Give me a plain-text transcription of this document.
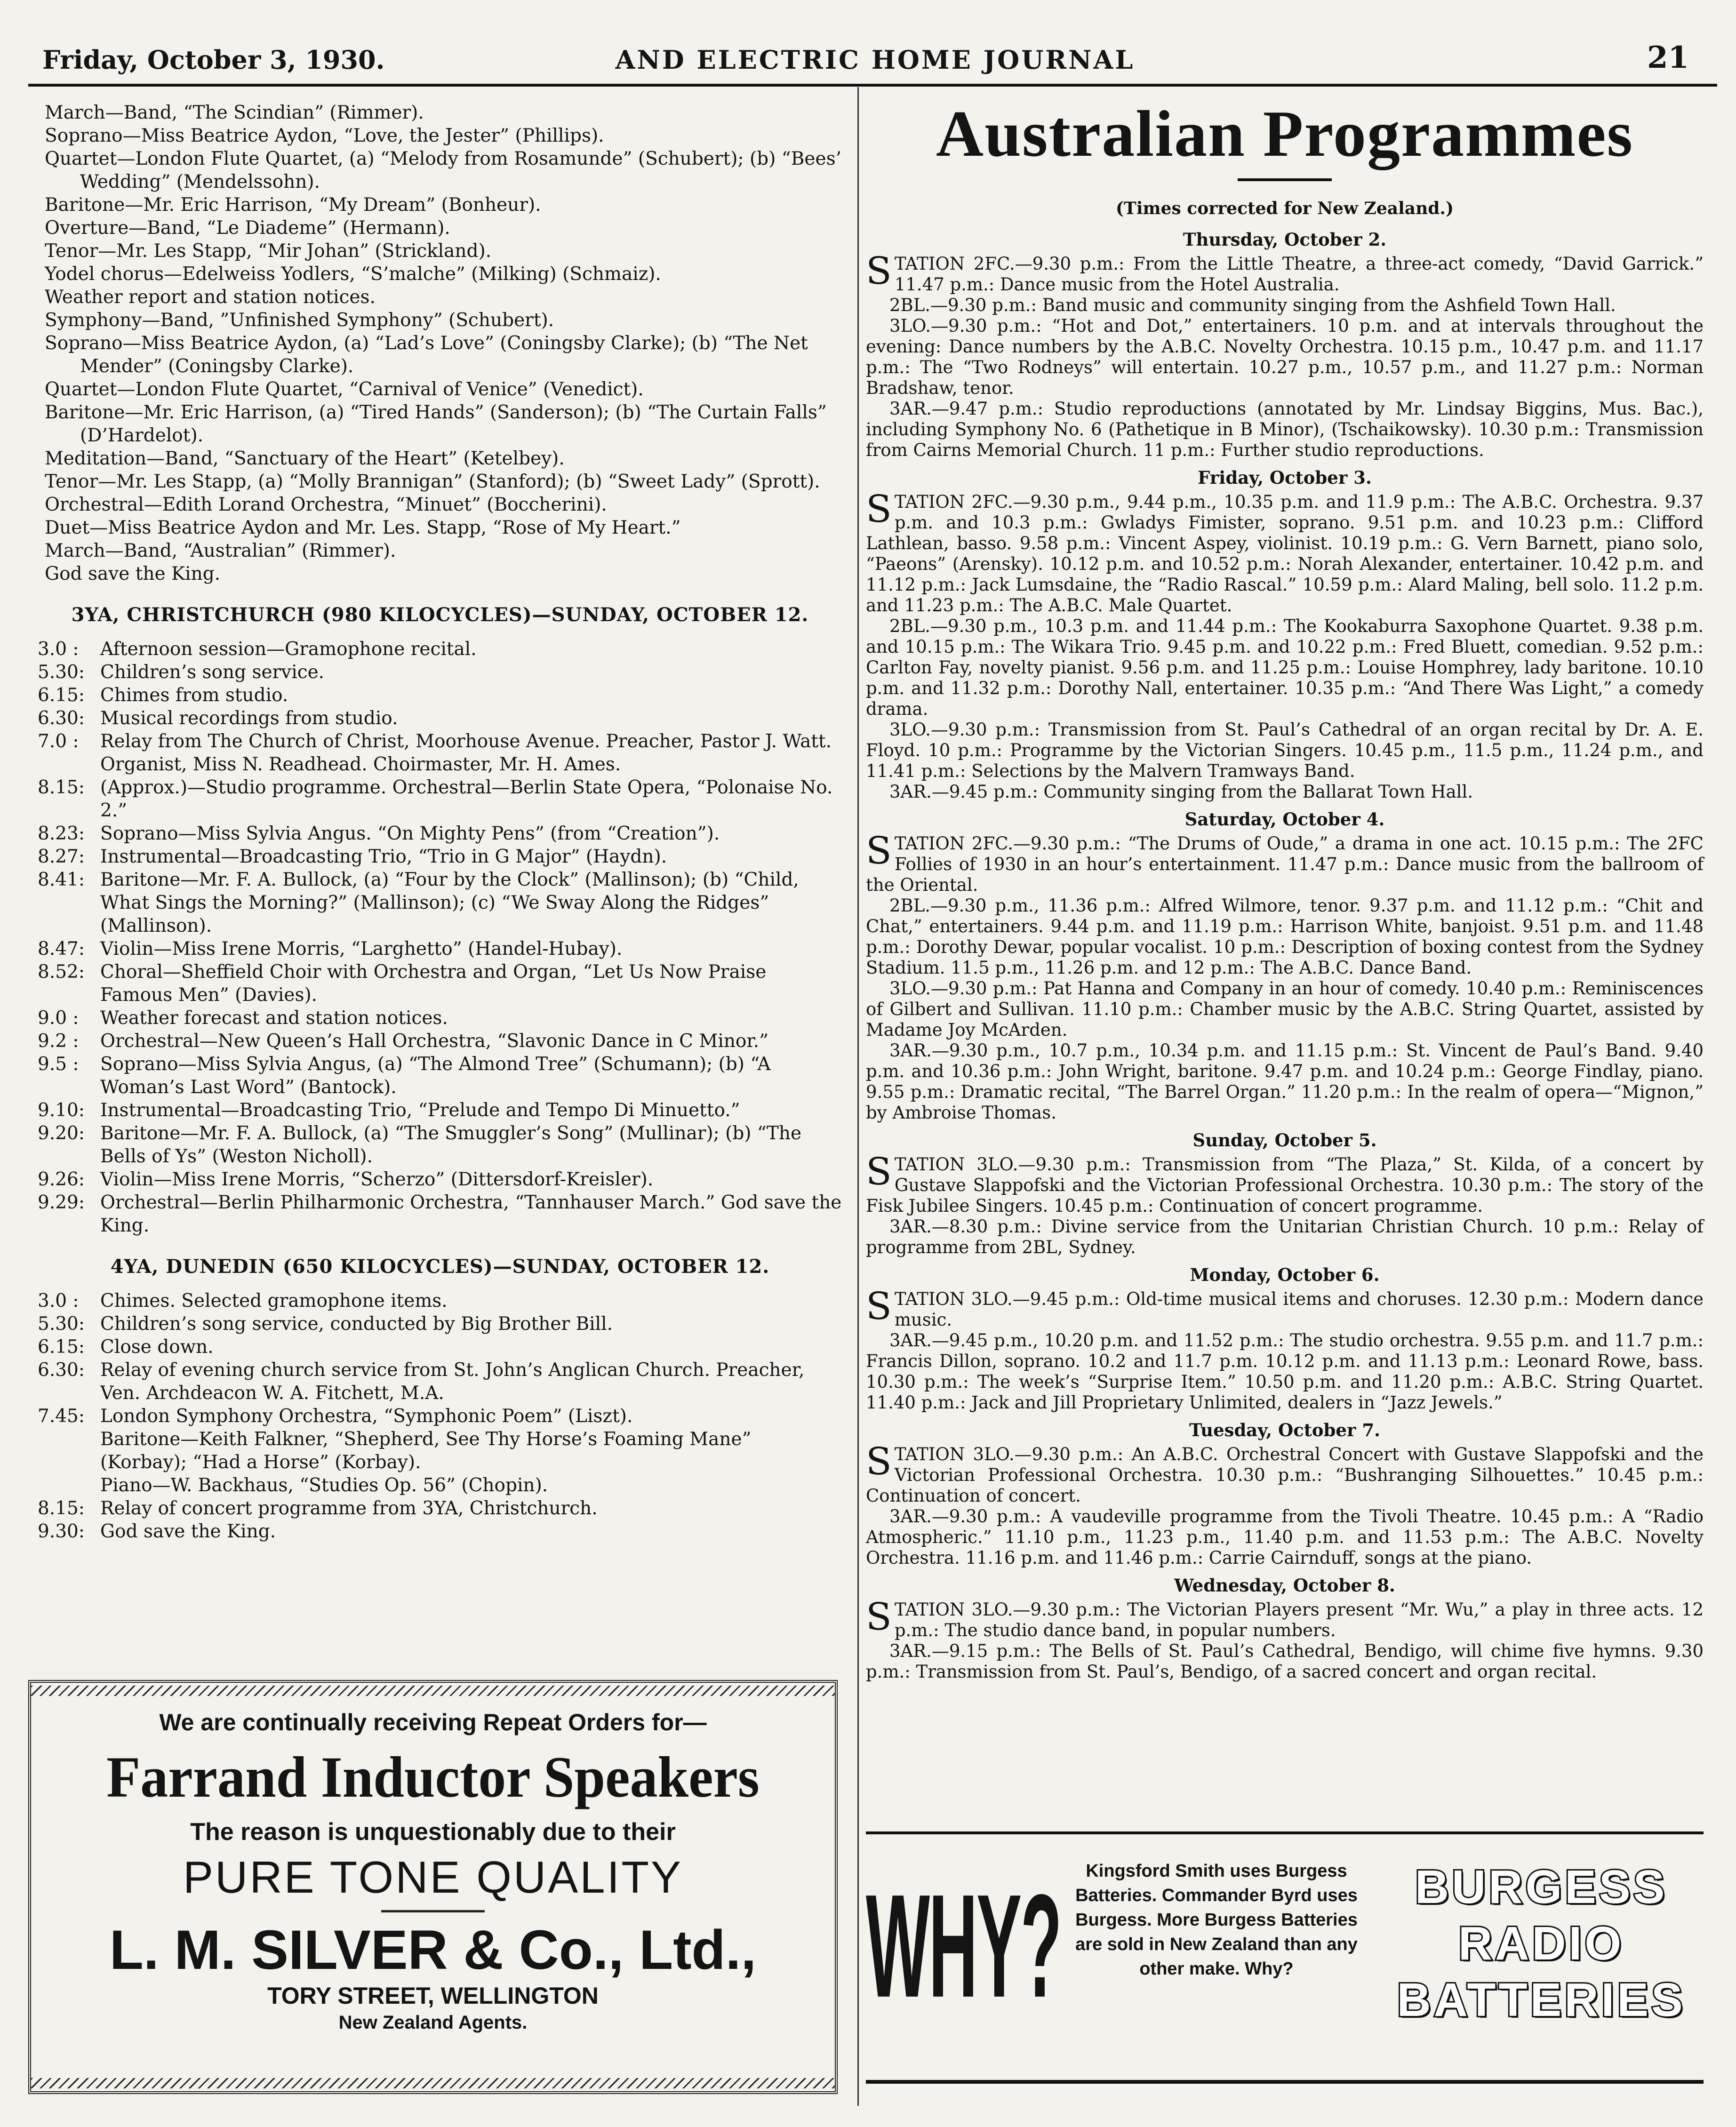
Friday, October 3, 1930.	AND ELECTRIC HOME JOURNAL	21
March—Band, “The Scindian” (Rimmer).
Soprano—Miss Beatrice Aydon, “Love, the Jester” (Phillips).
Quartet—London Flute Quartet, (a) “Melody from Rosamunde” (Schubert); (b) “Bees’ Wedding” (Mendelssohn).
Baritone—Mr. Eric Harrison, “My Dream” (Bonheur).
Overture—Band, “Le Diademe” (Hermann).
Tenor—Mr. Les Stapp, “Mir Johan” (Strickland).
Yodel chorus—Edelweiss Yodlers, “S’malche” (Milking) (Schmaiz).
Weather report and station notices.
Symphony—Band, ”Unfinished Symphony” (Schubert).
Soprano—Miss Beatrice Aydon, (a) “Lad’s Love” (Coningsby Clarke); (b) “The Net Mender” (Coningsby Clarke).
Quartet—London Flute Quartet, “Carnival of Venice” (Venedict).
Baritone—Mr. Eric Harrison, (a) “Tired Hands” (Sanderson); (b) “The Curtain Falls” (D’Hardelot).
Meditation—Band, “Sanctuary of the Heart” (Ketelbey).
Tenor—Mr. Les Stapp, (a) “Molly Brannigan” (Stanford); (b) “Sweet Lady” (Sprott).
Orchestral—Edith Lorand Orchestra, “Minuet” (Boccherini).
Duet—Miss Beatrice Aydon and Mr. Les. Stapp, “Rose of My Heart.”
March—Band, “Australian” (Rimmer).
God save the King.
3YA, CHRISTCHURCH (980 KILOCYCLES)—SUNDAY, OCTOBER 12.
3.0 :	Afternoon session—Gramophone recital.
5.30:	Children’s song service.
6.15:	Chimes from studio.
6.30:	Musical recordings from studio.
7.0 :	Relay from The Church of Christ, Moorhouse Avenue. Preacher, Pastor J. Watt. Organist, Miss N. Readhead. Choirmaster, Mr. H. Ames.
8.15:	(Approx.)—Studio programme. Orchestral—Berlin State Opera, “Polonaise No. 2.”
8.23:	Soprano—Miss Sylvia Angus. “On Mighty Pens” (from “Creation”).
8.27:	Instrumental—Broadcasting Trio, “Trio in G Major” (Haydn).
8.41:	Baritone—Mr. F. A. Bullock, (a) “Four by the Clock” (Mallinson); (b) “Child, What Sings the Morning?” (Mallinson); (c) “We Sway Along the Ridges” (Mallinson).
8.47:	Violin—Miss Irene Morris, “Larghetto” (Handel-Hubay).
8.52:	Choral—Sheffield Choir with Orchestra and Organ, “Let Us Now Praise Famous Men” (Davies).
9.0 :	Weather forecast and station notices.
9.2 :	Orchestral—New Queen’s Hall Orchestra, “Slavonic Dance in C Minor.”
9.5 :	Soprano—Miss Sylvia Angus, (a) “The Almond Tree” (Schumann); (b) “A Woman’s Last Word” (Bantock).
9.10:	Instrumental—Broadcasting Trio, “Prelude and Tempo Di Minuetto.”
9.20:	Baritone—Mr. F. A. Bullock, (a) “The Smuggler’s Song” (Mullinar); (b) “The Bells of Ys” (Weston Nicholl).
9.26:	Violin—Miss Irene Morris, “Scherzo” (Dittersdorf-Kreisler).
9.29:	Orchestral—Berlin Philharmonic Orchestra, “Tannhauser March.” God save the King.
4YA, DUNEDIN (650 KILOCYCLES)—SUNDAY, OCTOBER 12.
3.0 :	Chimes. Selected gramophone items.
5.30:	Children’s song service, conducted by Big Brother Bill.
6.15:	Close down.
6.30:	Relay of evening church service from St. John’s Anglican Church. Preacher, Ven. Archdeacon W. A. Fitchett, M.A.
7.45:	London Symphony Orchestra, “Symphonic Poem” (Liszt).
	Baritone—Keith Falkner, “Shepherd, See Thy Horse’s Foaming Mane” (Korbay); “Had a Horse” (Korbay).
	Piano—W. Backhaus, “Studies Op. 56” (Chopin).
8.15:	Relay of concert programme from 3YA, Christchurch.
9.30:	God save the King.
We are continually receiving Repeat Orders for—
Farrand Inductor Speakers
The reason is unquestionably due to their
PURE TONE QUALITY
L. M. SILVER & Co., Ltd.,
TORY STREET, WELLINGTON
New Zealand Agents.
Australian Programmes
(Times corrected for New Zealand.)
Thursday, October 2.

STATION 2FC.—9.30 p.m.: From the Little Theatre, a three-act comedy, “David Garrick.” 11.47 p.m.: Dance music from the Hotel Australia.

2BL.—9.30 p.m.: Band music and community singing from the Ashfield Town Hall.

3LO.—9.30 p.m.: “Hot and Dot,” entertainers. 10 p.m. and at intervals throughout the evening: Dance numbers by the A.B.C. Novelty Orchestra. 10.15 p.m., 10.47 p.m. and 11.17 p.m.: The “Two Rodneys” will entertain. 10.27 p.m., 10.57 p.m., and 11.27 p.m.: Norman Bradshaw, tenor.

3AR.—9.47 p.m.: Studio reproductions (annotated by Mr. Lindsay Biggins, Mus. Bac.), including Symphony No. 6 (Pathetique in B Minor), (Tschaikowsky). 10.30 p.m.: Transmission from Cairns Memorial Church. 11 p.m.: Further studio reproductions.

Friday, October 3.

STATION 2FC.—9.30 p.m., 9.44 p.m., 10.35 p.m. and 11.9 p.m.: The A.B.C. Orchestra. 9.37 p.m. and 10.3 p.m.: Gwladys Fimister, soprano. 9.51 p.m. and 10.23 p.m.: Clifford Lathlean, basso. 9.58 p.m.: Vincent Aspey, violinist. 10.19 p.m.: G. Vern Barnett, piano solo, “Paeons” (Arensky). 10.12 p.m. and 10.52 p.m.: Norah Alexander, entertainer. 10.42 p.m. and 11.12 p.m.: Jack Lumsdaine, the “Radio Rascal.” 10.59 p.m.: Alard Maling, bell solo. 11.2 p.m. and 11.23 p.m.: The A.B.C. Male Quartet.

2BL.—9.30 p.m., 10.3 p.m. and 11.44 p.m.: The Kookaburra Saxophone Quartet. 9.38 p.m. and 10.15 p.m.: The Wikara Trio. 9.45 p.m. and 10.22 p.m.: Fred Bluett, comedian. 9.52 p.m.: Carlton Fay, novelty pianist. 9.56 p.m. and 11.25 p.m.: Louise Homphrey, lady baritone. 10.10 p.m. and 11.32 p.m.: Dorothy Nall, entertainer. 10.35 p.m.: “And There Was Light,” a comedy drama.

3LO.—9.30 p.m.: Transmission from St. Paul’s Cathedral of an organ recital by Dr. A. E. Floyd. 10 p.m.: Programme by the Victorian Singers. 10.45 p.m., 11.5 p.m., 11.24 p.m., and 11.41 p.m.: Selections by the Malvern Tramways Band.

3AR.—9.45 p.m.: Community singing from the Ballarat Town Hall.

Saturday, October 4.

STATION 2FC.—9.30 p.m.: “The Drums of Oude,” a drama in one act. 10.15 p.m.: The 2FC Follies of 1930 in an hour’s entertainment. 11.47 p.m.: Dance music from the ballroom of the Oriental.

2BL.—9.30 p.m., 11.36 p.m.: Alfred Wilmore, tenor. 9.37 p.m. and 11.12 p.m.: “Chit and Chat,” entertainers. 9.44 p.m. and 11.19 p.m.: Harrison White, banjoist. 9.51 p.m. and 11.48 p.m.: Dorothy Dewar, popular vocalist. 10 p.m.: Description of boxing contest from the Sydney Stadium. 11.5 p.m., 11.26 p.m. and 12 p.m.: The A.B.C. Dance Band.

3LO.—9.30 p.m.: Pat Hanna and Company in an hour of comedy. 10.40 p.m.: Reminiscences of Gilbert and Sullivan. 11.10 p.m.: Chamber music by the A.B.C. String Quartet, assisted by Madame Joy McArden.

3AR.—9.30 p.m., 10.7 p.m., 10.34 p.m. and 11.15 p.m.: St. Vincent de Paul’s Band. 9.40 p.m. and 10.36 p.m.: John Wright, baritone. 9.47 p.m. and 10.24 p.m.: George Findlay, piano. 9.55 p.m.: Dramatic recital, “The Barrel Organ.” 11.20 p.m.: In the realm of opera—“Mignon,” by Ambroise Thomas.

Sunday, October 5.

STATION 3LO.—9.30 p.m.: Transmission from “The Plaza,” St. Kilda, of a concert by Gustave Slappofski and the Victorian Professional Orchestra. 10.30 p.m.: The story of the Fisk Jubilee Singers. 10.45 p.m.: Continuation of concert programme.

3AR.—8.30 p.m.: Divine service from the Unitarian Christian Church. 10 p.m.: Relay of programme from 2BL, Sydney.

Monday, October 6.

STATION 3LO.—9.45 p.m.: Old-time musical items and choruses. 12.30 p.m.: Modern dance music.

3AR.—9.45 p.m., 10.20 p.m. and 11.52 p.m.: The studio orchestra. 9.55 p.m. and 11.7 p.m.: Francis Dillon, soprano. 10.2 and 11.7 p.m. 10.12 p.m. and 11.13 p.m.: Leonard Rowe, bass. 10.30 p.m.: The week’s “Surprise Item.” 10.50 p.m. and 11.20 p.m.: A.B.C. String Quartet. 11.40 p.m.: Jack and Jill Proprietary Unlimited, dealers in “Jazz Jewels.”

Tuesday, October 7.

STATION 3LO.—9.30 p.m.: An A.B.C. Orchestral Concert with Gustave Slappofski and the Victorian Professional Orchestra. 10.30 p.m.: “Bushranging Silhouettes.” 10.45 p.m.: Continuation of concert.

3AR.—9.30 p.m.: A vaudeville programme from the Tivoli Theatre. 10.45 p.m.: A “Radio Atmospheric.” 11.10 p.m., 11.23 p.m., 11.40 p.m. and 11.53 p.m.: The A.B.C. Novelty Orchestra. 11.16 p.m. and 11.46 p.m.: Carrie Cairnduff, songs at the piano.

Wednesday, October 8.

STATION 3LO.—9.30 p.m.: The Victorian Players present “Mr. Wu,” a play in three acts. 12 p.m.: The studio dance band, in popular numbers.

3AR.—9.15 p.m.: The Bells of St. Paul’s Cathedral, Bendigo, will chime five hymns. 9.30 p.m.: Transmission from St. Paul’s, Bendigo, of a sacred concert and organ recital.

WHY?	Kingsford Smith uses Burgess Batteries. Commander Byrd uses Burgess. More Burgess Batteries are sold in New Zealand than any other make. Why?
BURGESS
RADIO
BATTERIES
